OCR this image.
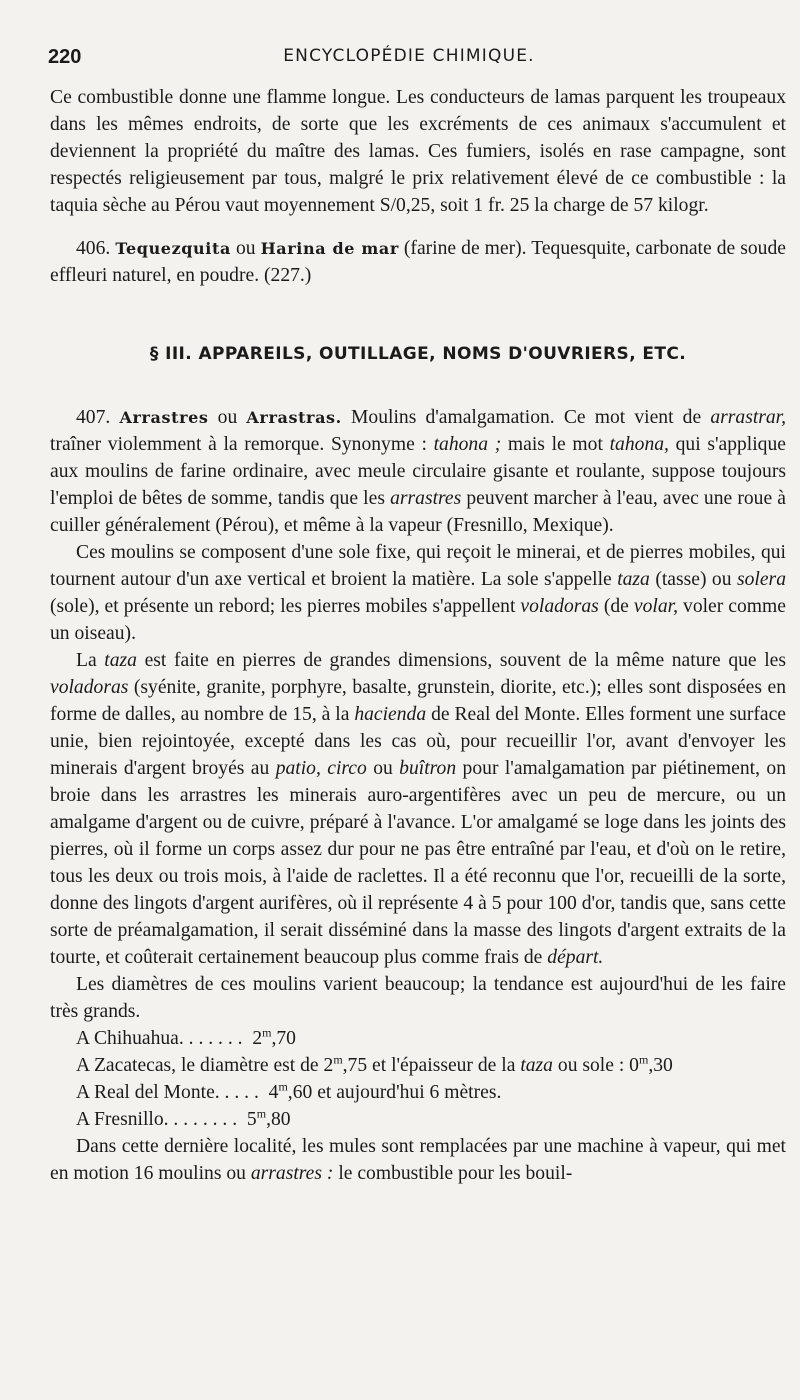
220	ENCYCLOPÉDIE CHIMIQUE.

Ce combustible donne une flamme longue. Les conducteurs de lamas parquent les troupeaux dans les mêmes endroits, de sorte que les excréments de ces animaux s'accumulent et deviennent la propriété du maître des lamas. Ces fumiers, isolés en rase campagne, sont respectés religieusement par tous, malgré le prix relativement élevé de ce combustible : la taquia sèche au Pérou vaut moyennement S/0,25, soit 1 fr. 25 la charge de 57 kilogr.

406. Tequezquita ou Harina de mar (farine de mer). Tequesquite, carbonate de soude effleuri naturel, en poudre. (227.)

§ III. APPAREILS, OUTILLAGE, NOMS D'OUVRIERS, ETC.

407. Arrastres ou Arrastras. Moulins d'amalgamation. Ce mot vient de arrastrar, traîner violemment à la remorque. Synonyme : tahona ; mais le mot tahona, qui s'applique aux moulins de farine ordinaire, avec meule circulaire gisante et roulante, suppose toujours l'emploi de bêtes de somme, tandis que les arrastres peuvent marcher à l'eau, avec une roue à cuiller généralement (Pérou), et même à la vapeur (Fresnillo, Mexique).

Ces moulins se composent d'une sole fixe, qui reçoit le minerai, et de pierres mobiles, qui tournent autour d'un axe vertical et broient la matière. La sole s'appelle taza (tasse) ou solera (sole), et présente un rebord; les pierres mobiles s'appellent voladoras (de volar, voler comme un oiseau).

La taza est faite en pierres de grandes dimensions, souvent de la même nature que les voladoras (syénite, granite, porphyre, basalte, grunstein, diorite, etc.); elles sont disposées en forme de dalles, au nombre de 15, à la hacienda de Real del Monte. Elles forment une surface unie, bien rejointoyée, excepté dans les cas où, pour recueillir l'or, avant d'envoyer les minerais d'argent broyés au patio, circo ou buîtron pour l'amalgamation par piétinement, on broie dans les arrastres les minerais auro-argentifères avec un peu de mercure, ou un amalgame d'argent ou de cuivre, préparé à l'avance. L'or amalgamé se loge dans les joints des pierres, où il forme un corps assez dur pour ne pas être entraîné par l'eau, et d'où on le retire, tous les deux ou trois mois, à l'aide de raclettes. Il a été reconnu que l'or, recueilli de la sorte, donne des lingots d'argent aurifères, où il représente 4 à 5 pour 100 d'or, tandis que, sans cette sorte de préamalgamation, il serait disséminé dans la masse des lingots d'argent extraits de la tourte, et coûterait certainement beaucoup plus comme frais de départ.

Les diamètres de ces moulins varient beaucoup; la tendance est aujourd'hui de les faire très grands.

A Chihuahua. . . . . . . 2$^m$,70
A Zacatecas, le diamètre est de 2$^m$,75 et l'épaisseur de la taza ou sole : 0$^m$,30
A Real del Monte. . . . . 4$^m$,60 et aujourd'hui 6 mètres.
A Fresnillo. . . . . . . . 5$^m$,80

Dans cette dernière localité, les mules sont remplacées par une machine à vapeur, qui met en motion 16 moulins ou arrastres : le combustible pour les bouil-
